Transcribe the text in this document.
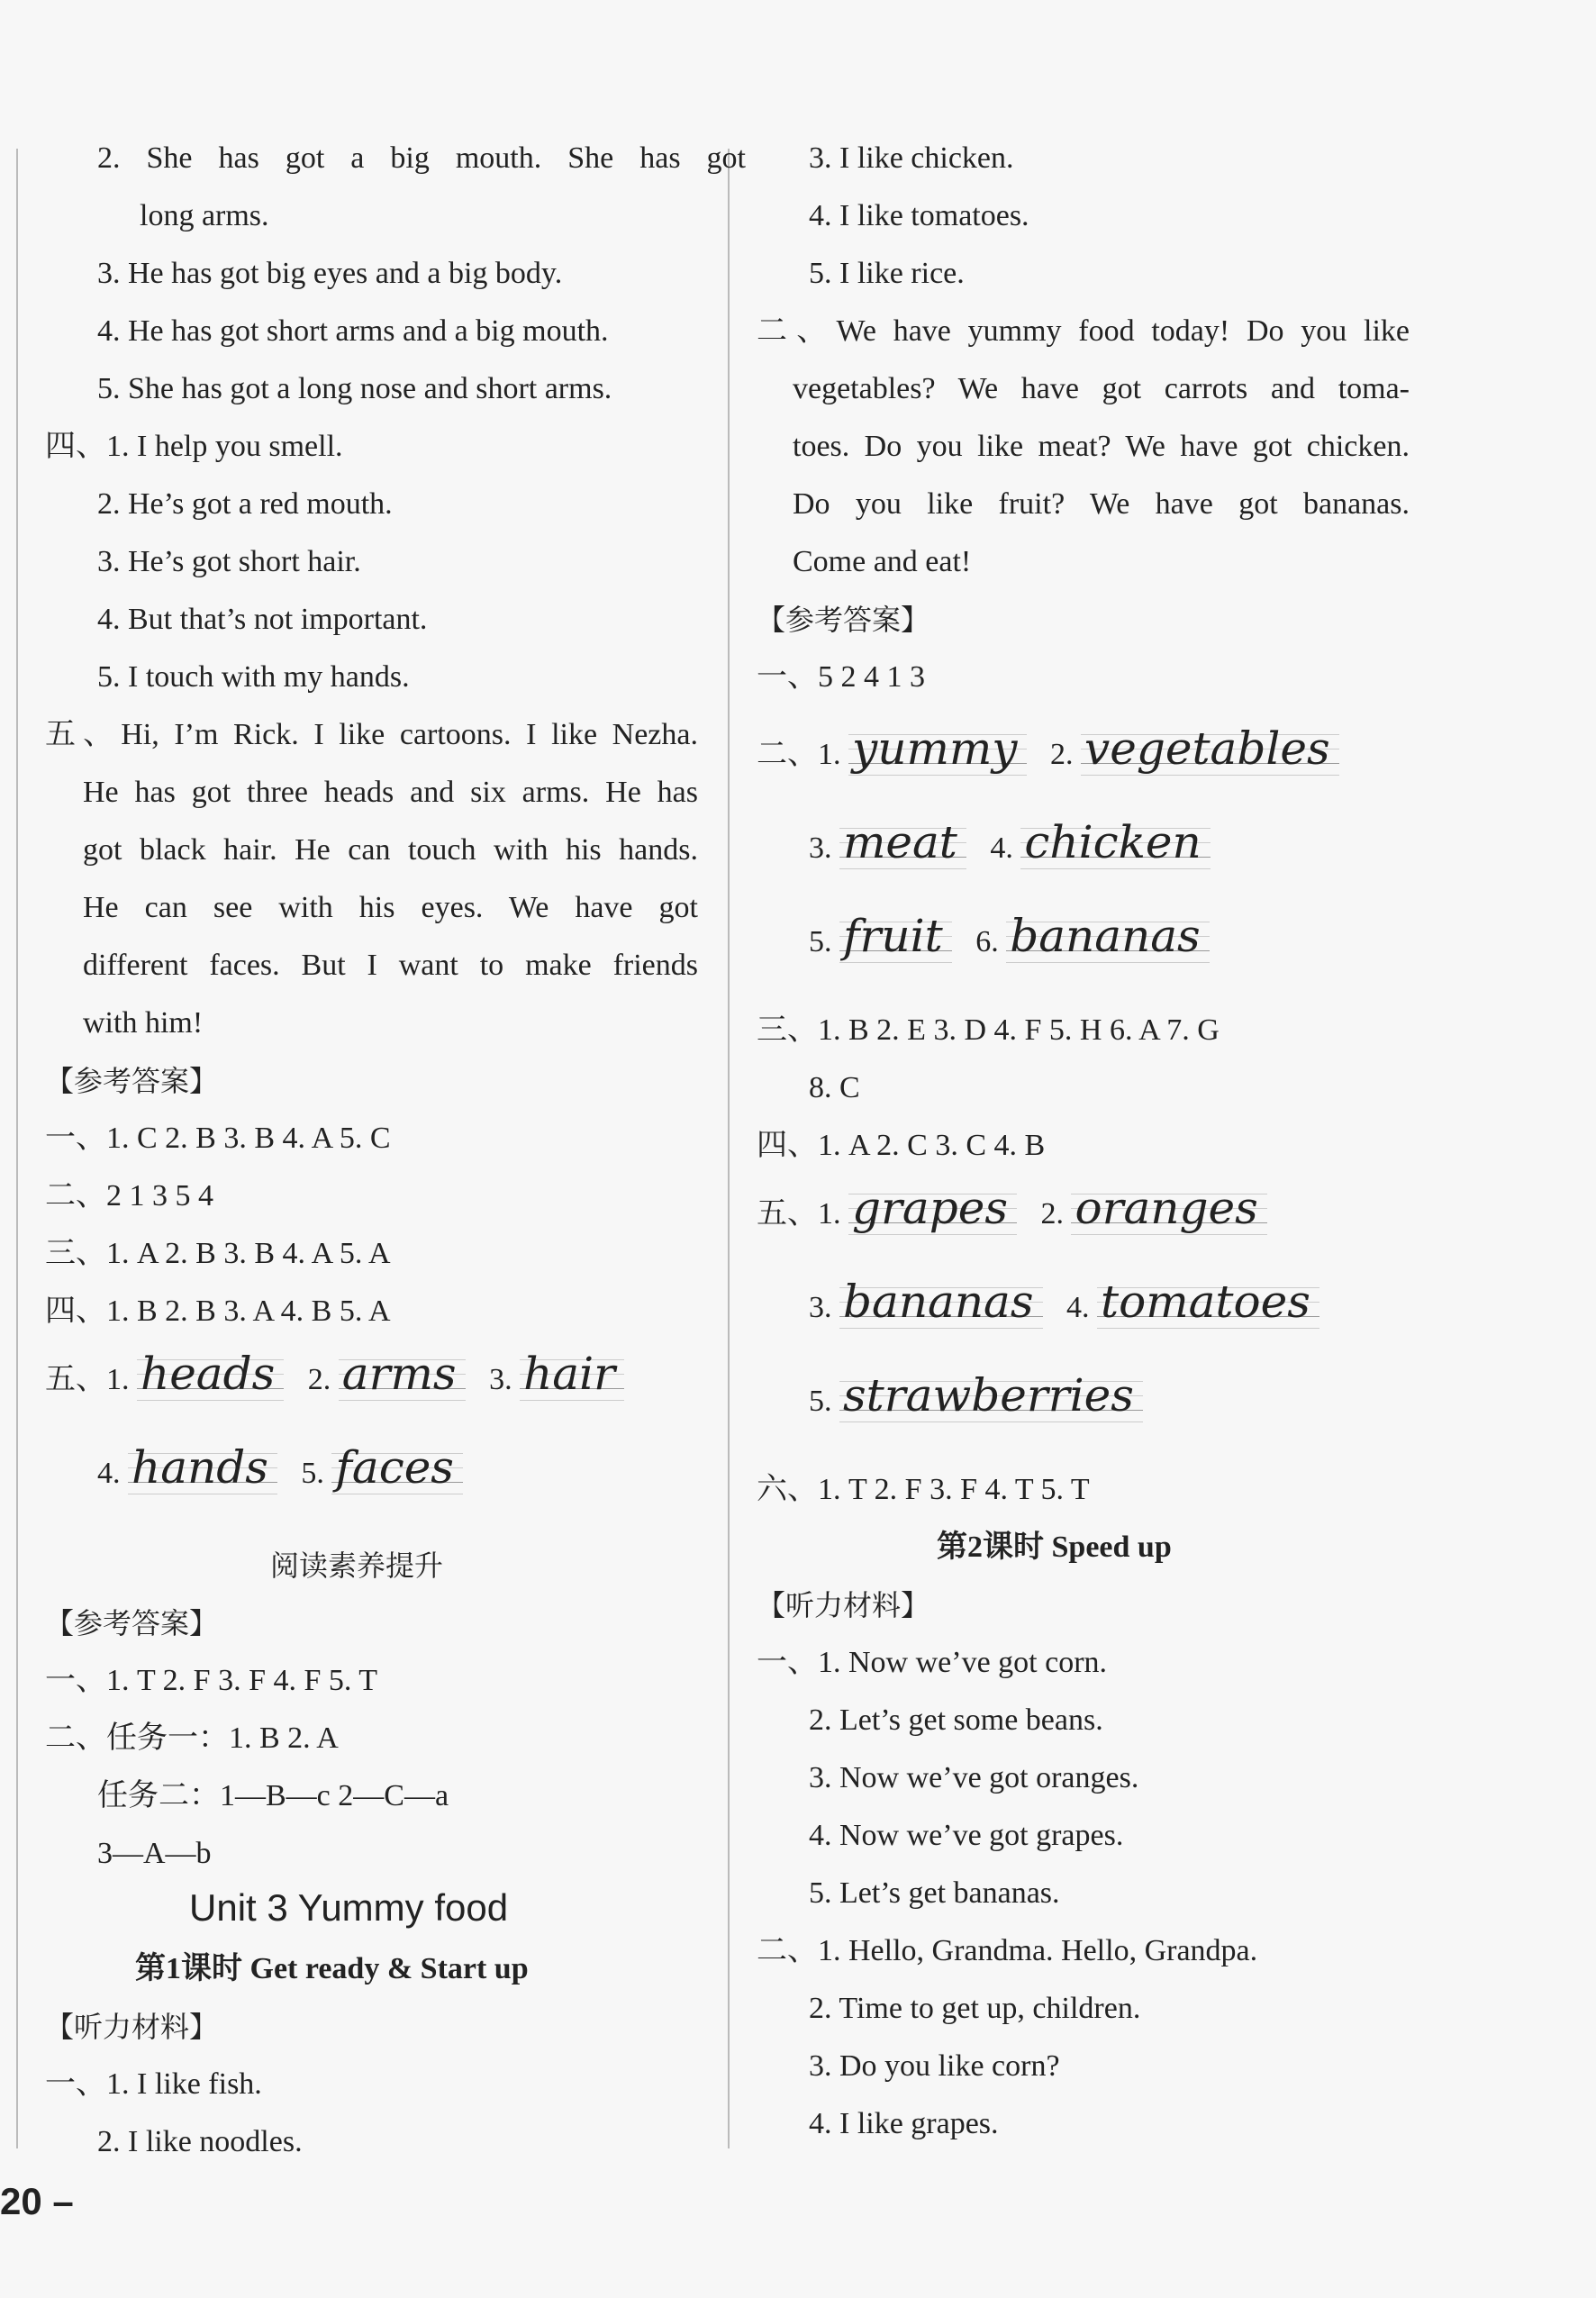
2. She has got a big mouth. She has got
long arms.
3. He has got big eyes and a big body.
4. He has got short arms and a big mouth.
5. She has got a long nose and short arms.
四、1. I help you smell.
2. He’s got a red mouth.
3. He’s got short hair.
4. But that’s not important.
5. I touch with my hands.
五、Hi, I’m Rick. I like cartoons. I like Nezha.
He has got three heads and six arms. He has
got black hair. He can touch with his hands.
He can see with his eyes. We have got
different faces. But I want to make friends
with him!
【参考答案】
一、1. C 2. B 3. B 4. A 5. C
二、2 1 3 5 4
三、1. A 2. B 3. B 4. A 5. A
四、1. B 2. B 3. A 4. B 5. A
五、1. heads 2. arms 3. hair
4. hands 5. faces
阅读素养提升
【参考答案】
一、1. T 2. F 3. F 4. F 5. T
二、任务一：1. B 2. A
任务二：1—B—c 2—C—a
3—A—b
Unit 3 Yummy food
第1课时 Get ready & Start up
【听力材料】
一、1. I like fish.
2. I like noodles.
3. I like chicken.
4. I like tomatoes.
5. I like rice.
二、We have yummy food today! Do you like
vegetables? We have got carrots and toma-
toes. Do you like meat? We have got chicken.
Do you like fruit? We have got bananas.
Come and eat!
【参考答案】
一、5 2 4 1 3
二、1. yummy 2. vegetables
3. meat 4. chicken
5. fruit 6. bananas
三、1. B 2. E 3. D 4. F 5. H 6. A 7. G
8. C
四、1. A 2. C 3. C 4. B
五、1. grapes 2. oranges
3. bananas 4. tomatoes
5. strawberries
六、1. T 2. F 3. F 4. T 5. T
第2课时 Speed up
【听力材料】
一、1. Now we’ve got corn.
2. Let’s get some beans.
3. Now we’ve got oranges.
4. Now we’ve got grapes.
5. Let’s get bananas.
二、1. Hello, Grandma. Hello, Grandpa.
2. Time to get up, children.
3. Do you like corn?
4. I like grapes.
20 –
